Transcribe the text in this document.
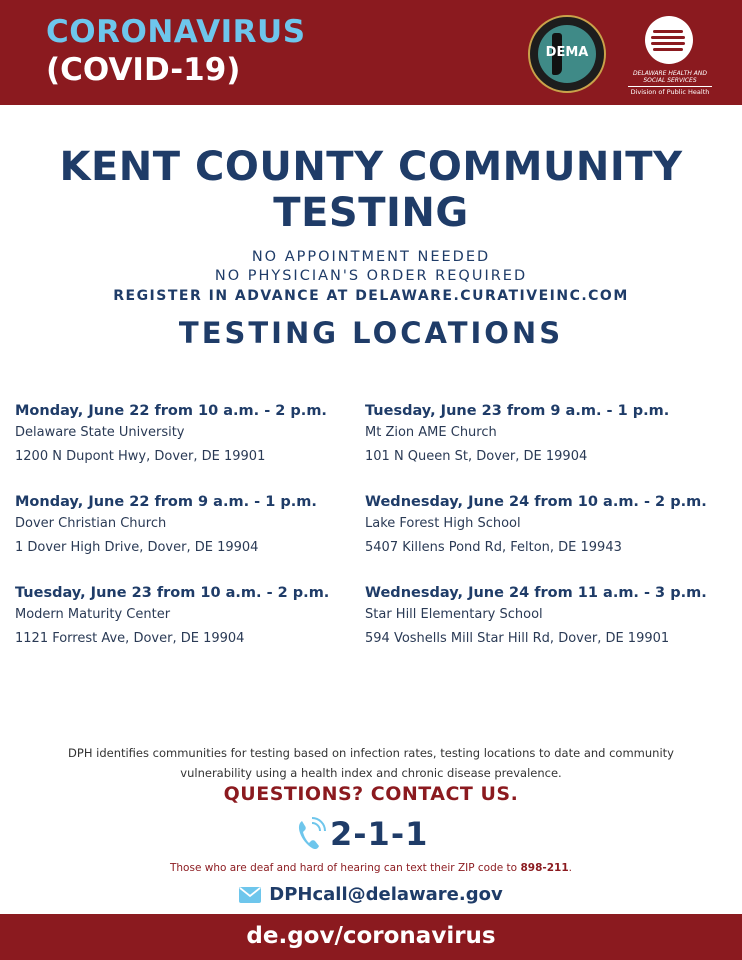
CORONAVIRUS
(COVID-19)	DEMA
DELAWARE HEALTH AND SOCIAL SERVICES
Division of Public Health
KENT COUNTY COMMUNITY
TESTING
NO APPOINTMENT NEEDED
NO PHYSICIAN'S ORDER REQUIRED
REGISTER IN ADVANCE AT DELAWARE.CURATIVEINC.COM
TESTING LOCATIONS
Monday, June 22 from 10 a.m. - 2 p.m.
Delaware State University
1200 N Dupont Hwy, Dover, DE 19901
Tuesday, June 23 from 9 a.m. - 1 p.m.
Mt Zion AME Church
101 N Queen St, Dover, DE 19904
Monday, June 22 from 9 a.m. - 1 p.m.
Dover Christian Church
1 Dover High Drive, Dover, DE 19904
Wednesday, June 24 from 10 a.m. - 2 p.m.
Lake Forest High School
5407 Killens Pond Rd, Felton, DE 19943
Tuesday, June 23 from 10 a.m. - 2 p.m.
Modern Maturity Center
1121 Forrest Ave, Dover, DE 19904
Wednesday, June 24 from 11 a.m. - 3 p.m.
Star Hill Elementary School
594 Voshells Mill Star Hill Rd, Dover, DE 19901
DPH identifies communities for testing based on infection rates, testing locations to date and community vulnerability using a health index and chronic disease prevalence.
QUESTIONS? CONTACT US.
2-1-1
Those who are deaf and hard of hearing can text their ZIP code to 898-211.
DPHcall@delaware.gov
de.gov/coronavirus
